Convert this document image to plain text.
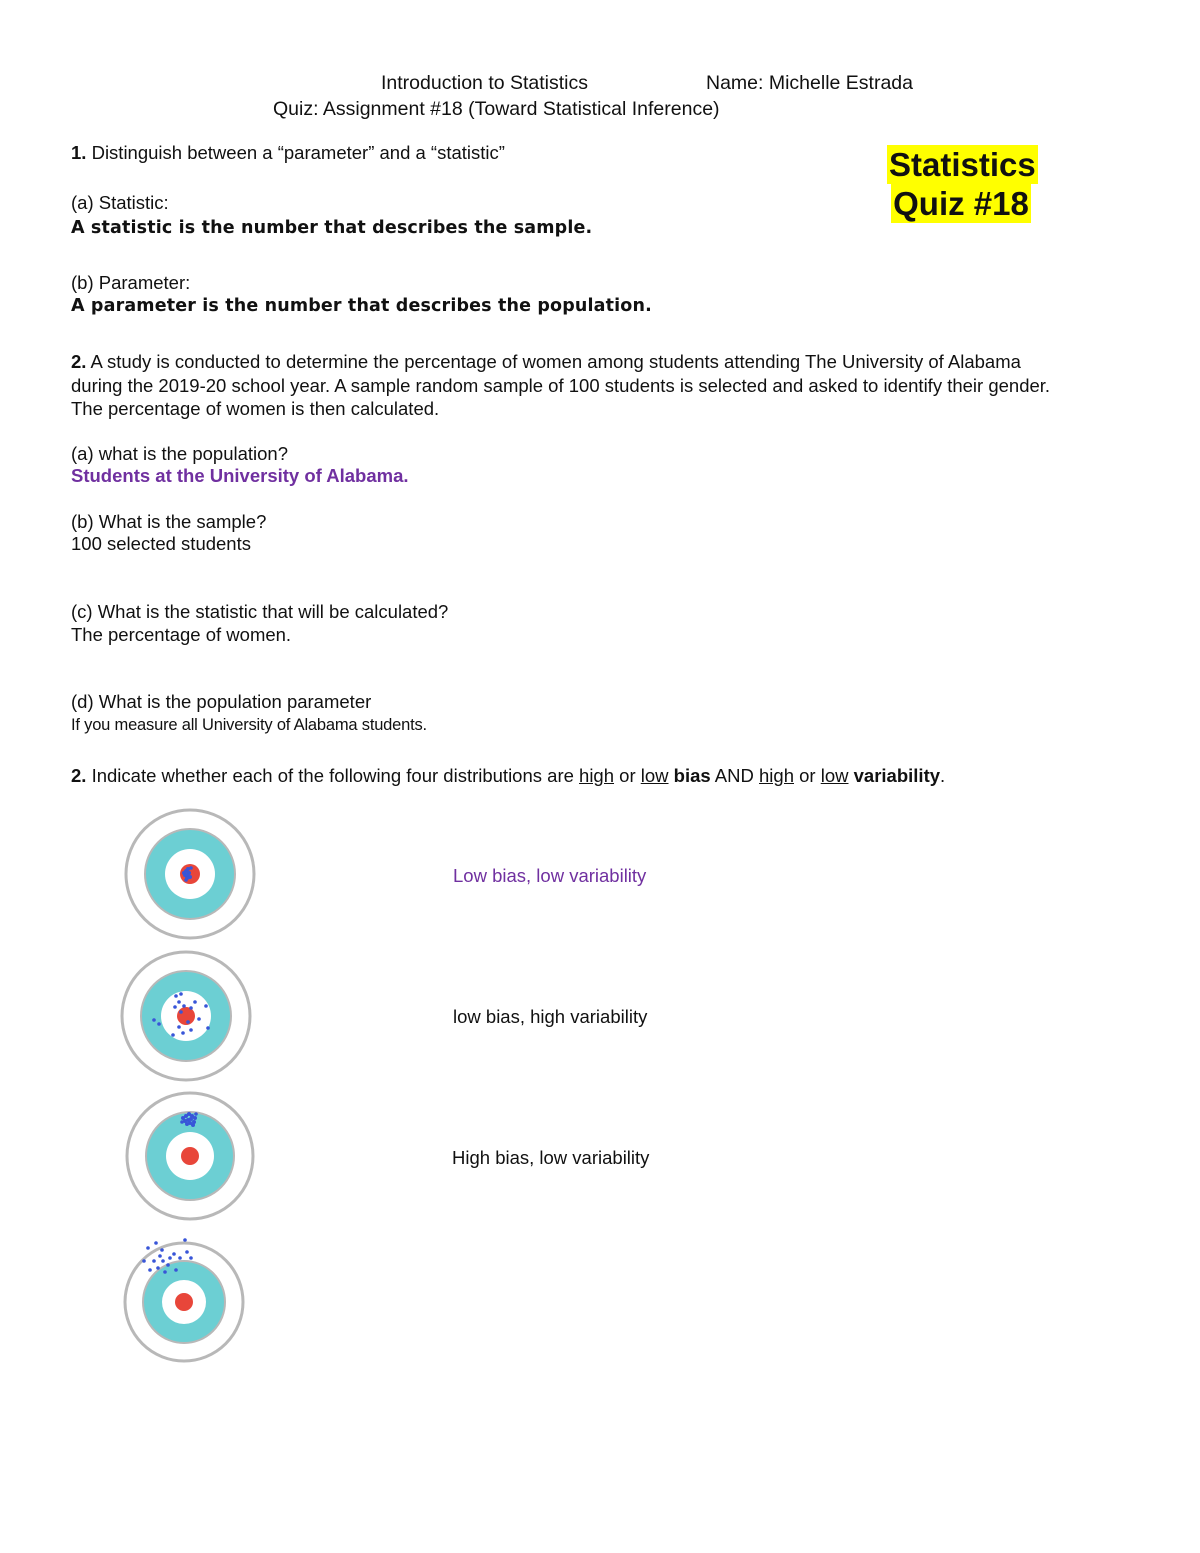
Introduction to Statistics	Name: Michelle Estrada
Quiz: Assignment #18 (Toward Statistical Inference)
Statistics
Quiz #18
1. Distinguish between a “parameter” and a “statistic”
(a) Statistic:
A statistic is the number that describes the sample.
(b) Parameter:
A parameter is the number that describes the population.
2. A study is conducted to determine the percentage of women among students attending The University of Alabama
during the 2019-20 school year. A sample random sample of 100 students is selected and asked to identify their gender.
The percentage of women is then calculated.
(a) what is the population?
Students at the University of Alabama.
(b) What is the sample?
100 selected students
(c) What is the statistic that will be calculated?
The percentage of women.
(d) What is the population parameter
If you measure all University of Alabama students.
2. Indicate whether each of the following four distributions are high or low bias AND high or low variability.
Low bias, low variability
low bias, high variability
High bias, low variability
